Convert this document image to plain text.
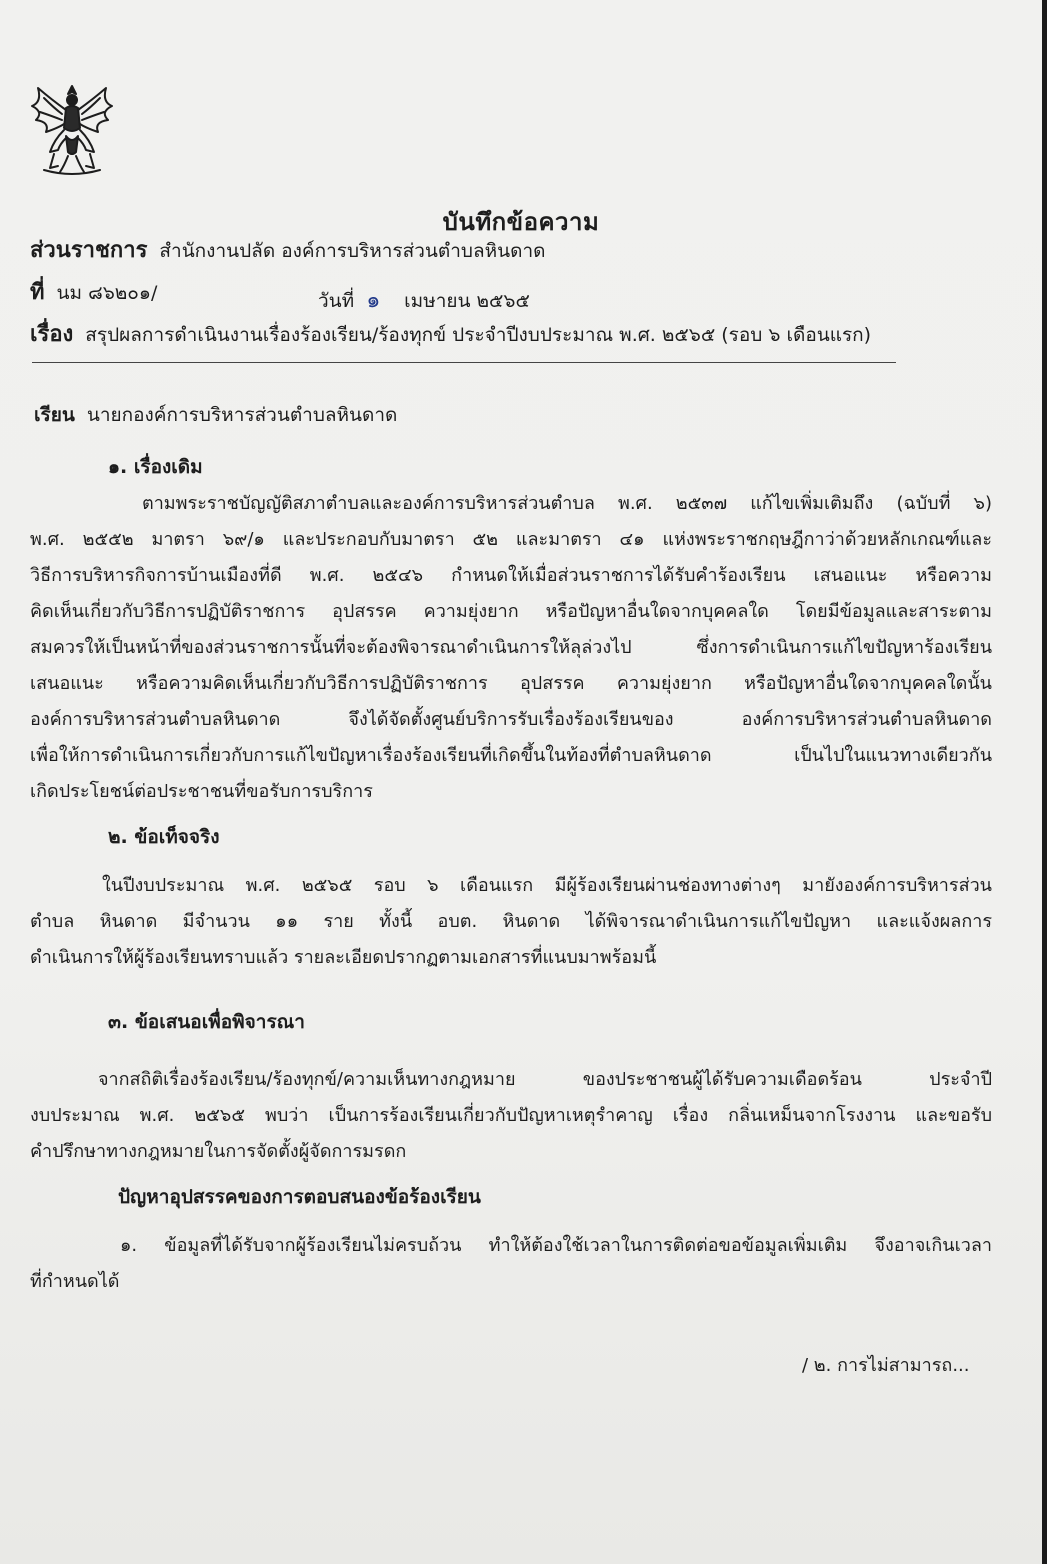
บันทึกข้อความ
ส่วนราชการ สำนักงานปลัด องค์การบริหารส่วนตำบลหินดาด
ที่ นม ๘๖๒๐๑/	วันที่ ๑ เมษายน ๒๕๖๕
เรื่อง สรุปผลการดำเนินงานเรื่องร้องเรียน/ร้องทุกข์ ประจำปีงบประมาณ พ.ศ. ๒๕๖๕ (รอบ ๖ เดือนแรก)
เรียน นายกองค์การบริหารส่วนตำบลหินดาด
๑. เรื่องเดิม
ตามพระราชบัญญัติสภาตำบลและองค์การบริหารส่วนตำบล พ.ศ. ๒๕๓๗ แก้ไขเพิ่มเติมถึง (ฉบับที่ ๖)
พ.ศ. ๒๕๕๒ มาตรา ๖๙/๑ และประกอบกับมาตรา ๕๒ และมาตรา ๔๑ แห่งพระราชกฤษฎีกาว่าด้วยหลักเกณฑ์และ
วิธีการบริหารกิจการบ้านเมืองที่ดี พ.ศ. ๒๕๔๖ กำหนดให้เมื่อส่วนราชการได้รับคำร้องเรียน เสนอแนะ หรือความ
คิดเห็นเกี่ยวกับวิธีการปฏิบัติราชการ อุปสรรค ความยุ่งยาก หรือปัญหาอื่นใดจากบุคคลใด โดยมีข้อมูลและสาระตาม
สมควรให้เป็นหน้าที่ของส่วนราชการนั้นที่จะต้องพิจารณาดำเนินการให้ลุล่วงไป ซึ่งการดำเนินการแก้ไขปัญหาร้องเรียน
เสนอแนะ หรือความคิดเห็นเกี่ยวกับวิธีการปฏิบัติราชการ อุปสรรค ความยุ่งยาก หรือปัญหาอื่นใดจากบุคคลใดนั้น
องค์การบริหารส่วนตำบลหินดาด จึงได้จัดตั้งศูนย์บริการรับเรื่องร้องเรียนของ องค์การบริหารส่วนตำบลหินดาด
เพื่อให้การดำเนินการเกี่ยวกับการแก้ไขปัญหาเรื่องร้องเรียนที่เกิดขึ้นในท้องที่ตำบลหินดาด เป็นไปในแนวทางเดียวกัน
เกิดประโยชน์ต่อประชาชนที่ขอรับการบริการ
๒. ข้อเท็จจริง
ในปีงบประมาณ พ.ศ. ๒๕๖๕ รอบ ๖ เดือนแรก มีผู้ร้องเรียนผ่านช่องทางต่างๆ มายังองค์การบริหารส่วน
ตำบล หินดาด มีจำนวน ๑๑ ราย ทั้งนี้ อบต. หินดาด ได้พิจารณาดำเนินการแก้ไขปัญหา และแจ้งผลการ
ดำเนินการให้ผู้ร้องเรียนทราบแล้ว รายละเอียดปรากฏตามเอกสารที่แนบมาพร้อมนี้
๓. ข้อเสนอเพื่อพิจารณา
จากสถิติเรื่องร้องเรียน/ร้องทุกข์/ความเห็นทางกฎหมาย ของประชาชนผู้ได้รับความเดือดร้อน ประจำปี
งบประมาณ พ.ศ. ๒๕๖๕ พบว่า เป็นการร้องเรียนเกี่ยวกับปัญหาเหตุรำคาญ เรื่อง กลิ่นเหม็นจากโรงงาน และขอรับ
คำปรึกษาทางกฎหมายในการจัดตั้งผู้จัดการมรดก
ปัญหาอุปสรรคของการตอบสนองข้อร้องเรียน
๑. ข้อมูลที่ได้รับจากผู้ร้องเรียนไม่ครบถ้วน ทำให้ต้องใช้เวลาในการติดต่อขอข้อมูลเพิ่มเติม จึงอาจเกินเวลา
ที่กำหนดได้
/ ๒. การไม่สามารถ...
